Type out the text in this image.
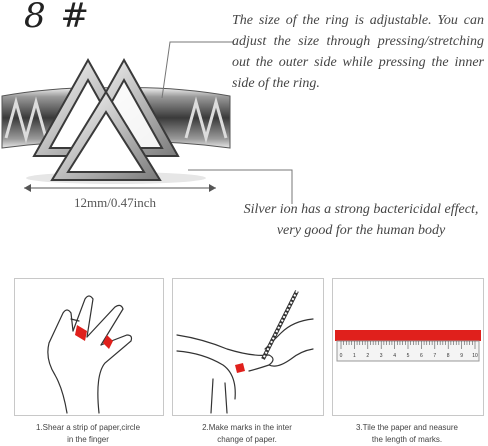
8 #	The size of the ring is adjustable. You can adjust the size through pressing/stretching out the outer side while pressing the inner side of the ring.
12mm/0.47inch	Silver ion has a strong bactericidal effect, very good for the human body
1.Shear a strip of paper,circle
in the finger
2.Make marks in the inter
change of paper.
0 1 2 3 4 5 6 7 8 9 10
3.Tile the paper and neasure
the length of marks.
